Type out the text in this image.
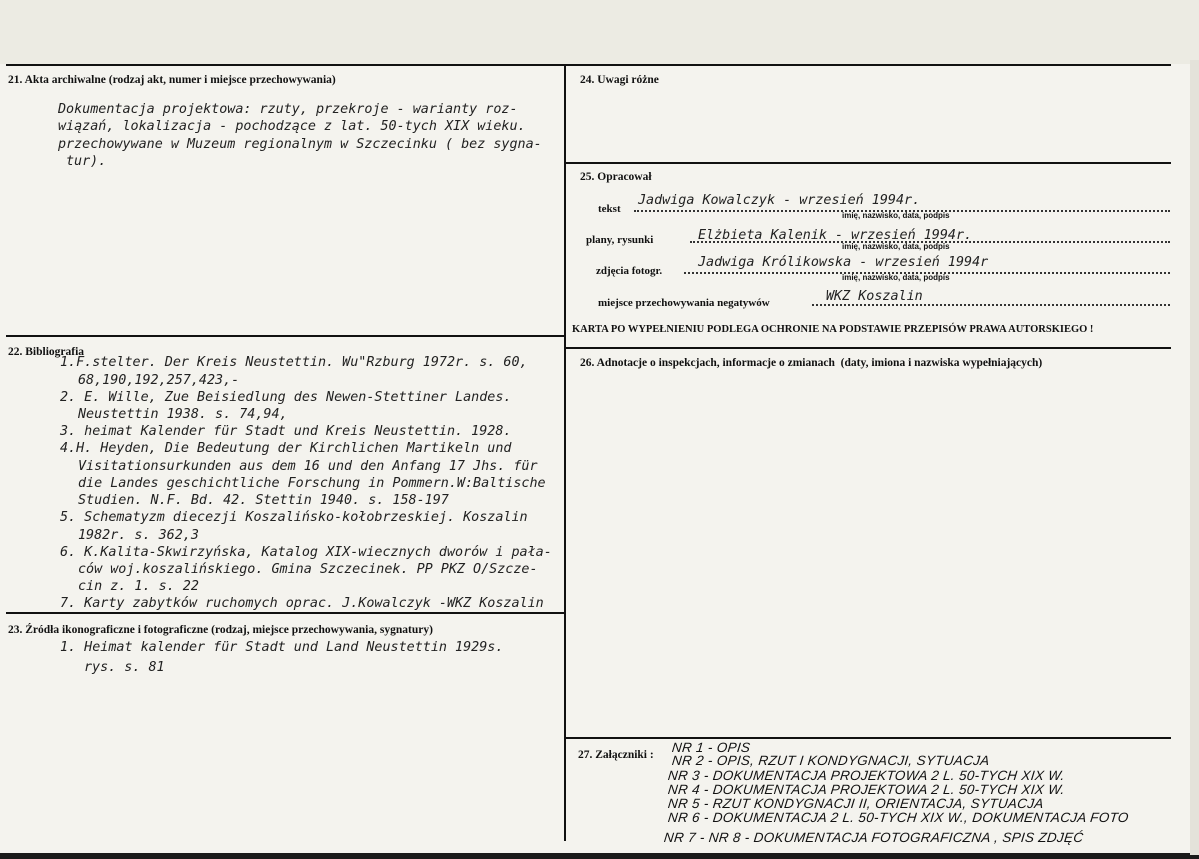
21. Akta archiwalne (rodzaj akt, numer i miejsce przechowywania)
Dokumentacja projektowa: rzuty, przekroje - warianty roz-
wiązań, lokalizacja - pochodzące z lat. 50-tych XIX wieku.
przechowywane w Muzeum regionalnym w Szczecinku ( bez sygna-
tur).
22. Bibliografia
1.F.stelter. Der Kreis Neustettin. Wu"Rzburg 1972r. s. 60,
68,190,192,257,423,-
2. E. Wille, Zue Beisiedlung des Newen-Stettiner Landes.
Neustettin 1938. s. 74,94,
3. heimat Kalender für Stadt und Kreis Neustettin. 1928.
4.H. Heyden, Die Bedeutung der Kirchlichen Martikeln und
Visitationsurkunden aus dem 16 und den Anfang 17 Jhs. für
die Landes geschichtliche Forschung in Pommern.W:Baltische
Studien. N.F. Bd. 42. Stettin 1940. s. 158-197
5. Schematyzm diecezji Koszalińsko-kołobrzeskiej. Koszalin
1982r. s. 362,3
6. K.Kalita-Skwirzyńska, Katalog XIX-wiecznych dworów i pała-
ców woj.koszalińskiego. Gmina Szczecinek. PP PKZ O/Szcze-
cin z. 1. s. 22
7. Karty zabytków ruchomych oprac. J.Kowalczyk -WKZ Koszalin
23. Źródła ikonograficzne i fotograficzne (rodzaj, miejsce przechowywania, sygnatury)
1. Heimat kalender für Stadt und Land Neustettin 1929s.
rys. s. 81
24. Uwagi różne
25. Opracował
tekst
Jadwiga Kowalczyk - wrzesień 1994r.
imię, nazwisko, data, podpis
plany, rysunki	Elżbieta Kalenik - wrzesień 1994r.
imię, nazwisko, data, podpis
zdjęcia fotogr.
Jadwiga Królikowska - wrzesień 1994r
imię, nazwisko, data, podpis
miejsce przechowywania negatywów	WKZ Koszalin
KARTA PO WYPEŁNIENIU PODLEGA OCHRONIE NA PODSTAWIE PRZEPISÓW PRAWA AUTORSKIEGO !
26. Adnotacje o inspekcjach, informacje o zmianach (daty, imiona i nazwiska wypełniających)
27. Załączniki : NR 1 - OPIS
NR 2 - OPIS, RZUT I KONDYGNACJI, SYTUACJA
NR 3 - DOKUMENTACJA PROJEKTOWA 2 L. 50-TYCH XIX W.
NR 4 - DOKUMENTACJA PROJEKTOWA 2 L. 50-TYCH XIX W.
NR 5 - RZUT KONDYGNACJI II, ORIENTACJA, SYTUACJA
NR 6 - DOKUMENTACJA 2 L. 50-TYCH XIX W., DOKUMENTACJA FOTO
NR 7 - NR 8 - DOKUMENTACJA FOTOGRAFICZNA , SPIS ZDJĘĆ
